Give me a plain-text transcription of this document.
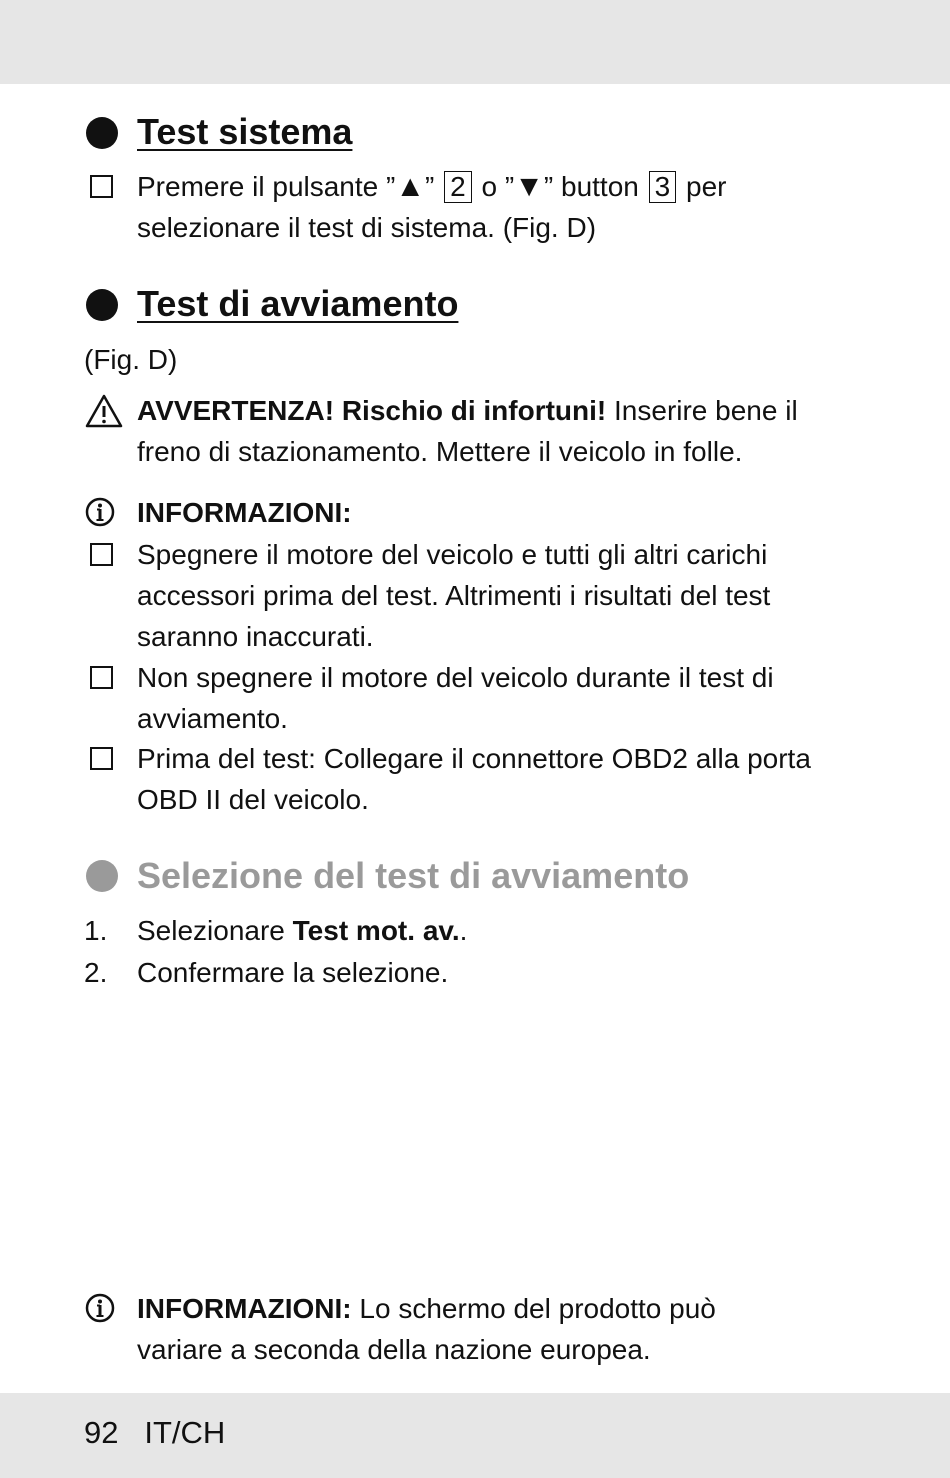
Test sistema
Premere il pulsante ”▲” 2 o ”▼” button 3 per
selezionare il test di sistema. (Fig. D)
Test di avviamento
(Fig. D)
AVVERTENZA! Rischio di infortuni! Inserire bene il
freno di stazionamento. Mettere il veicolo in folle.
INFORMAZIONI:
Spegnere il motore del veicolo e tutti gli altri carichi
accessori prima del test. Altrimenti i risultati del test
saranno inaccurati.
Non spegnere il motore del veicolo durante il test di
avviamento.
Prima del test: Collegare il connettore OBD2 alla porta
OBD II del veicolo.
Selezione del test di avviamento
1. Selezionare Test mot. av..
2. Confermare la selezione.
INFORMAZIONI: Lo schermo del prodotto può
variare a seconda della nazione europea.
92 IT/CH
